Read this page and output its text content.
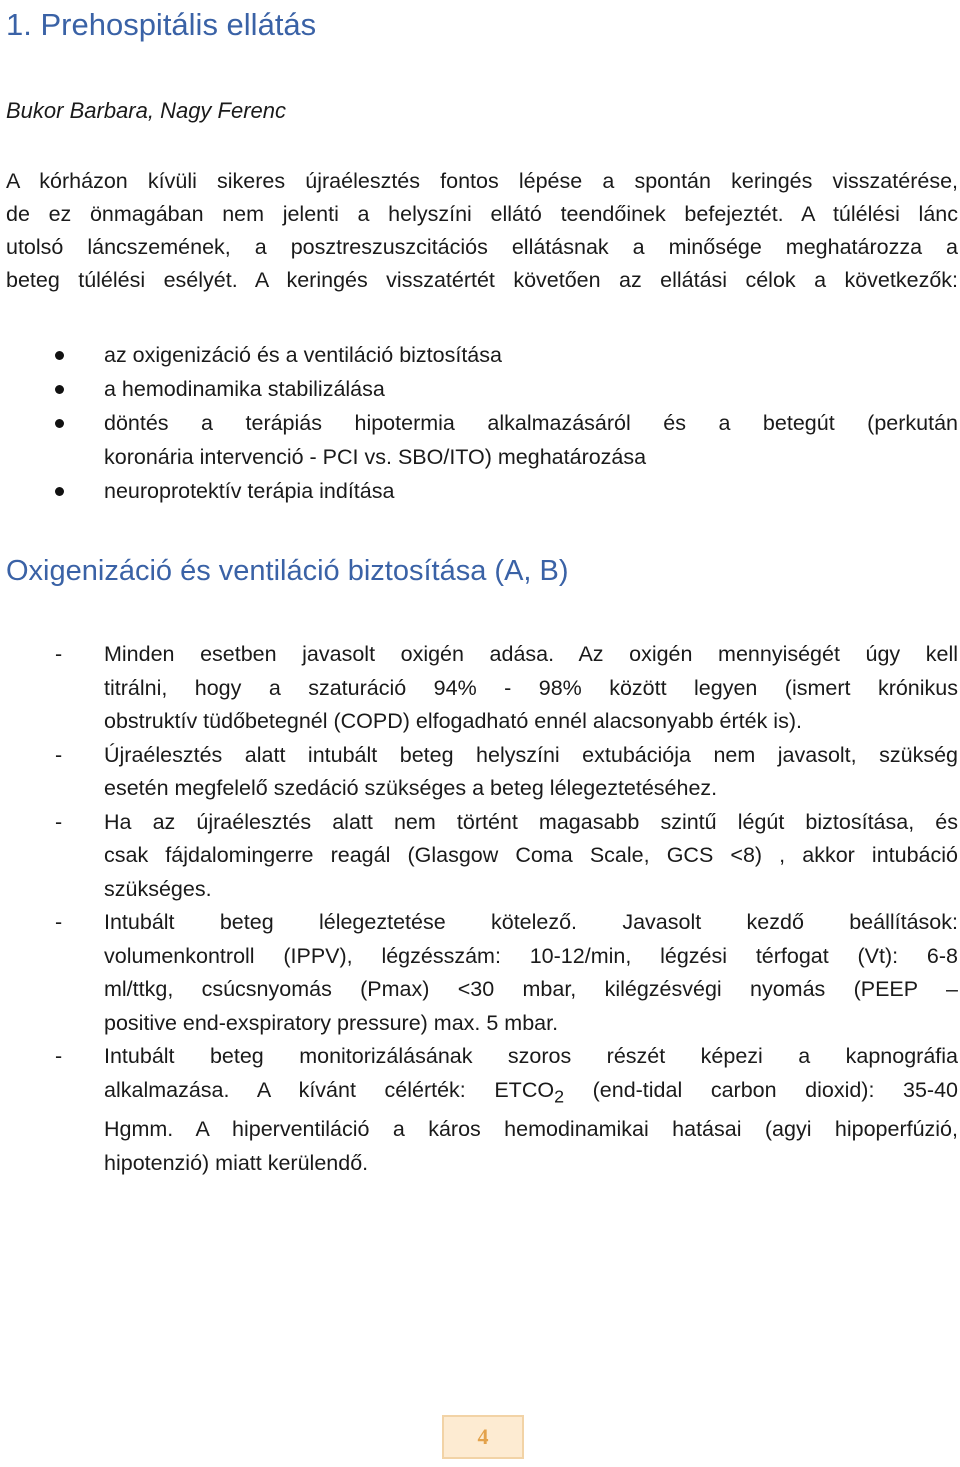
1. Prehospitális ellátás

Bukor Barbara, Nagy Ferenc

A kórházon kívüli sikeres újraélesztés fontos lépése a spontán keringés visszatérése,
de ez önmagában nem jelenti a helyszíni ellátó teendőinek befejeztét. A túlélési lánc
utolsó láncszemének, a posztreszuszcitációs ellátásnak a minősége meghatározza a
beteg túlélési esélyét. A keringés visszatértét követően az ellátási célok a következők:
az oxigenizáció és a ventiláció biztosítása
a hemodinamika stabilizálása
döntés a terápiás hipotermia alkalmazásáról és a betegút (perkután
koronária intervenció - PCI vs. SBO/ITO) meghatározása
neuroprotektív terápia indítása
Oxigenizáció és ventiláció biztosítása (A, B)
- Minden esetben javasolt oxigén adása. Az oxigén mennyiségét úgy kell
titrálni, hogy a szaturáció 94% - 98% között legyen (ismert krónikus
obstruktív tüdőbetegnél (COPD) elfogadható ennél alacsonyabb érték is).
- Újraélesztés alatt intubált beteg helyszíni extubációja nem javasolt, szükség
esetén megfelelő szedáció szükséges a beteg lélegeztetéséhez.
- Ha az újraélesztés alatt nem történt magasabb szintű légút biztosítása, és
csak fájdalomingerre reagál (Glasgow Coma Scale, GCS <8) , akkor intubáció
szükséges.
- Intubált beteg lélegeztetése kötelező. Javasolt kezdő beállítások:
volumenkontroll (IPPV), légzésszám: 10-12/min, légzési térfogat (Vt): 6-8
ml/ttkg, csúcsnyomás (Pmax) <30 mbar, kilégzésvégi nyomás (PEEP –
positive end-exspiratory pressure) max. 5 mbar.
- Intubált beteg monitorizálásának szoros részét képezi a kapnográfia
alkalmazása. A kívánt célérték: $ETCO_2$ (end-tidal carbon dioxid): 35-40
Hgmm. A hiperventiláció a káros hemodinamikai hatásai (agyi hipoperfúzió,
hipotenzió) miatt kerülendő.
4
